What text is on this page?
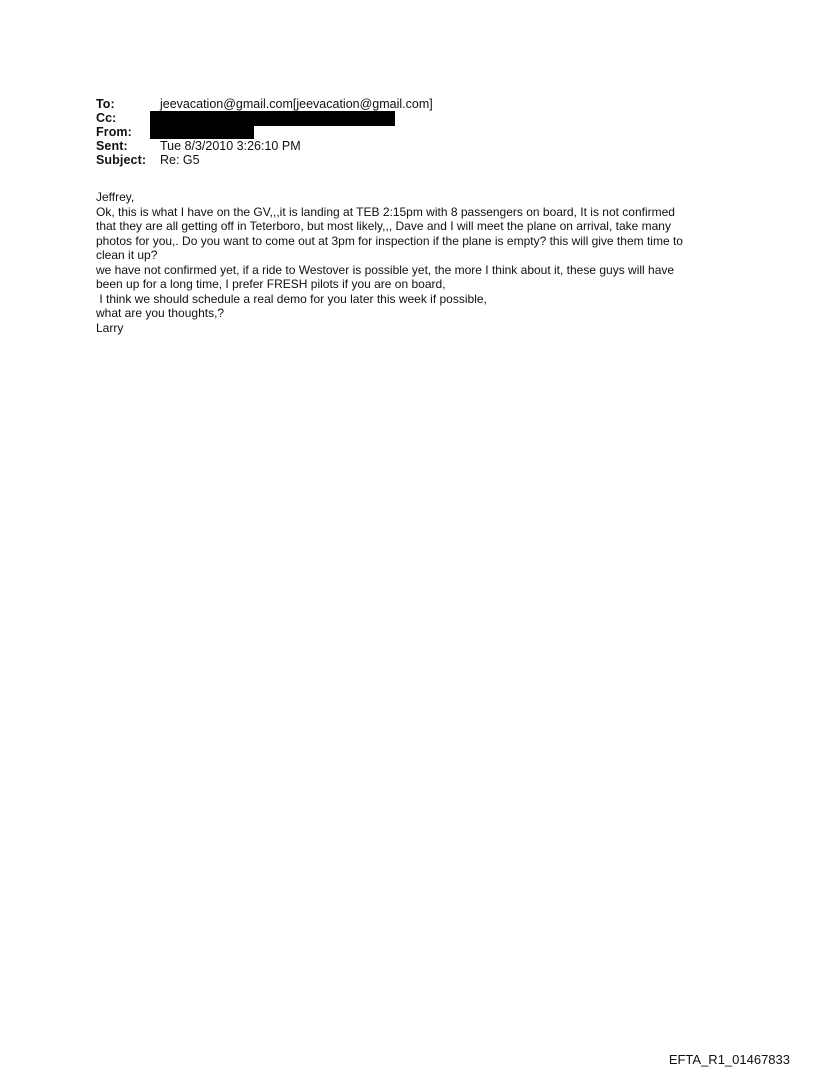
To:	jeevacation@gmail.com[jeevacation@gmail.com]
Cc:
From:
Sent:	Tue 8/3/2010 3:26:10 PM
Subject: Re: G5
Jeffrey,
Ok, this is what I have on the GV,,,it is landing at TEB 2:15pm with 8 passengers on board, It is not confirmed
that they are all getting off in Teterboro, but most likely,,, Dave and I will meet the plane on arrival, take many
photos for you,. Do you want to come out at 3pm for inspection if the plane is empty? this will give them time to
clean it up?
we have not confirmed yet, if a ride to Westover is possible yet, the more I think about it, these guys will have
been up for a long time, I prefer FRESH pilots if you are on board,
I think we should schedule a real demo for you later this week if possible,
what are you thoughts,?
Larry
EFTA_R1_01467833
